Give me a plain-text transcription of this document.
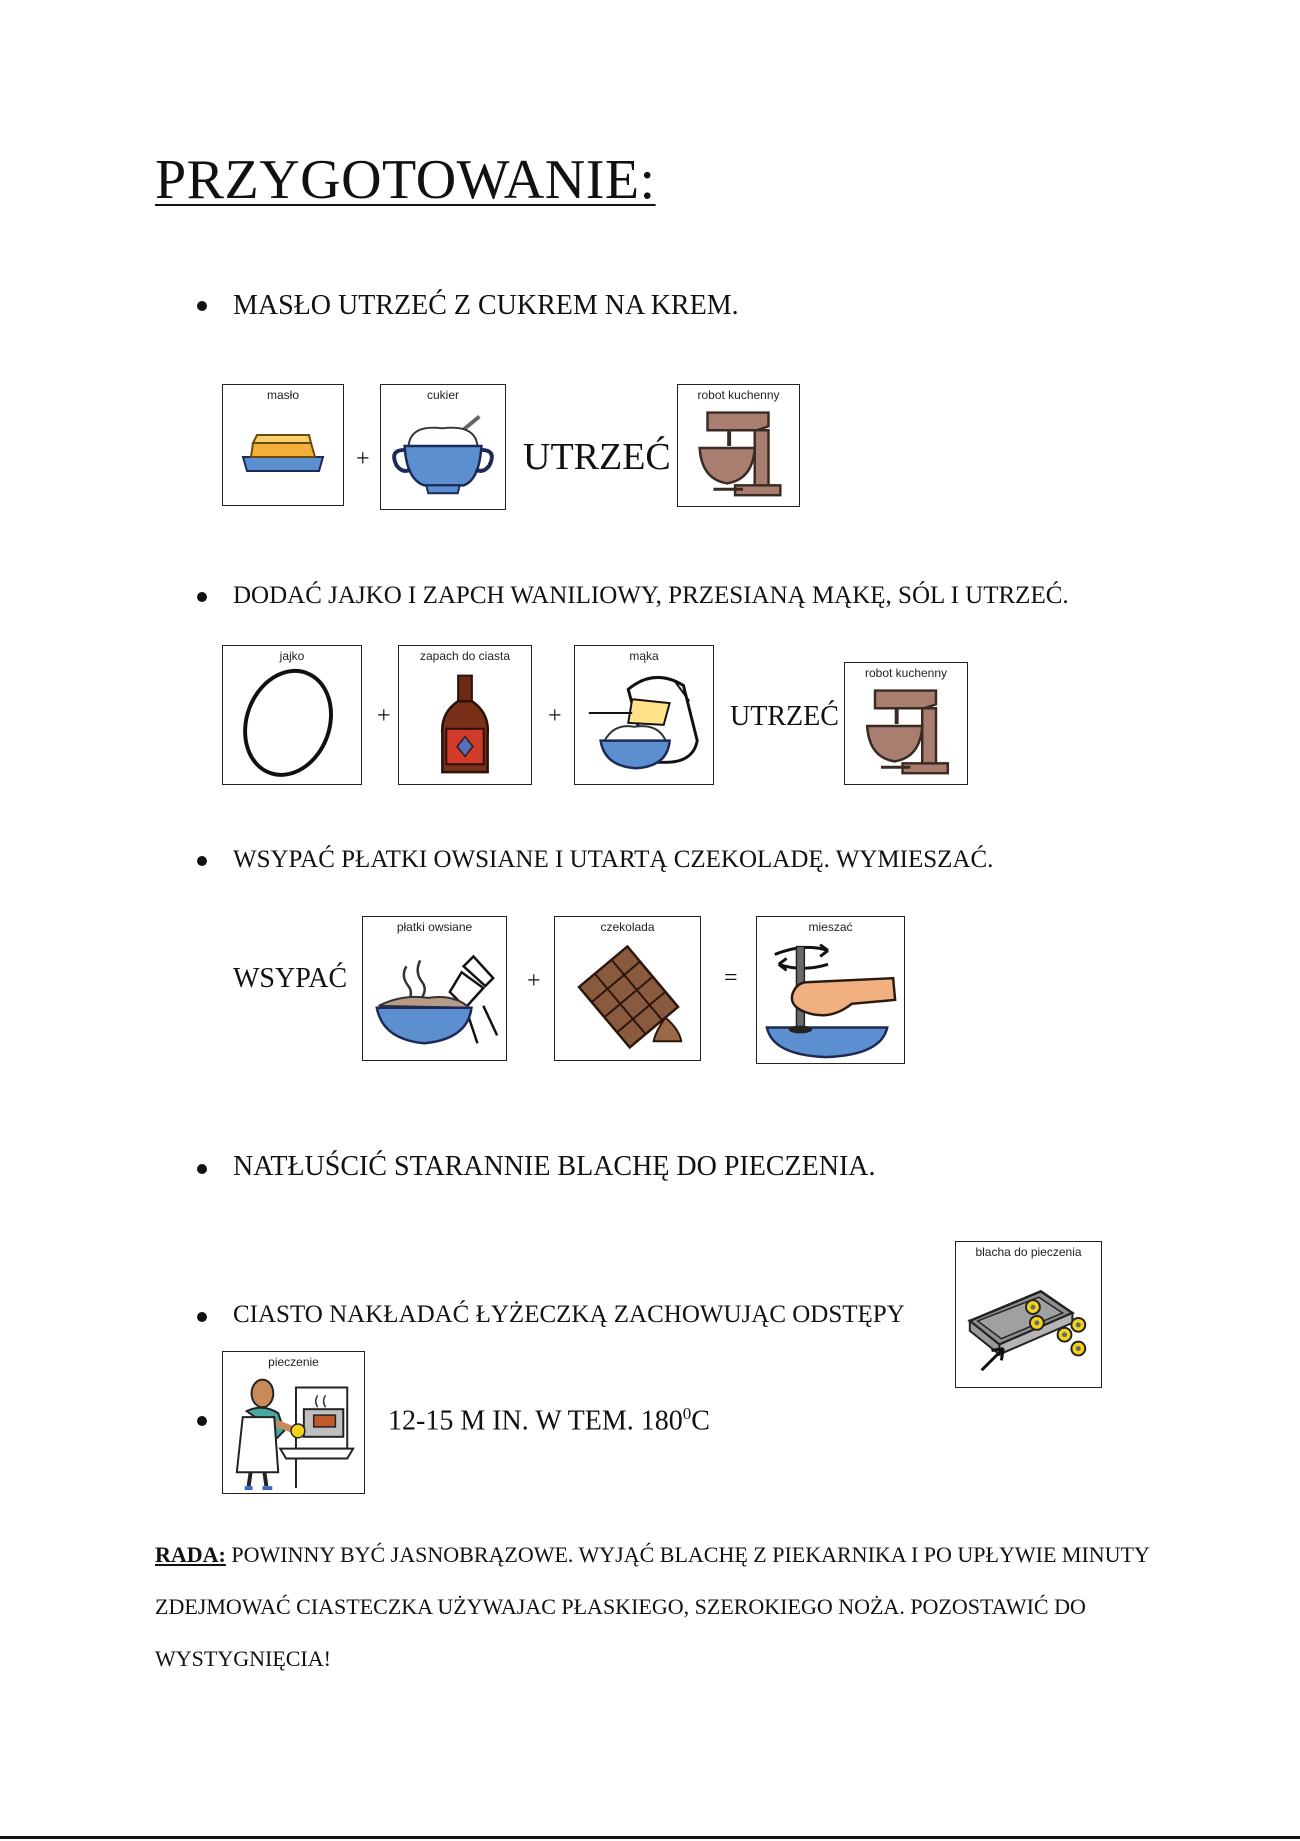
PRZYGOTOWANIE:
MASŁO UTRZEĆ Z CUKREM NA KREM.
masło
+
cukier
UTRZEĆ
robot kuchenny
DODAĆ JAJKO I ZAPCH WANILIOWY, PRZESIANĄ MĄKĘ, SÓL I UTRZEĆ.
jajko
+
zapach do ciasta
+
mąka
UTRZEĆ
robot kuchenny
WSYPAĆ PŁATKI OWSIANE I UTARTĄ CZEKOLADĘ. WYMIESZAĆ.
WSYPAĆ
płatki owsiane
+
czekolada
=
mieszać
NATŁUŚCIĆ STARANNIE BLACHĘ DO PIECZENIA.
CIASTO NAKŁADAĆ ŁYŻECZKĄ ZACHOWUJĄC ODSTĘPY
blacha do pieczenia
pieczenie
12-15 M IN. W TEM. $180^0C$
RADA: POWINNY BYĆ JASNOBRĄZOWE. WYJĄĆ BLACHĘ Z PIEKARNIKA I PO UPŁYWIE MINUTY ZDEJMOWAĆ CIASTECZKA UŻYWAJAC PŁASKIEGO, SZEROKIEGO NOŻA. POZOSTAWIĆ DO WYSTYGNIĘCIA!
